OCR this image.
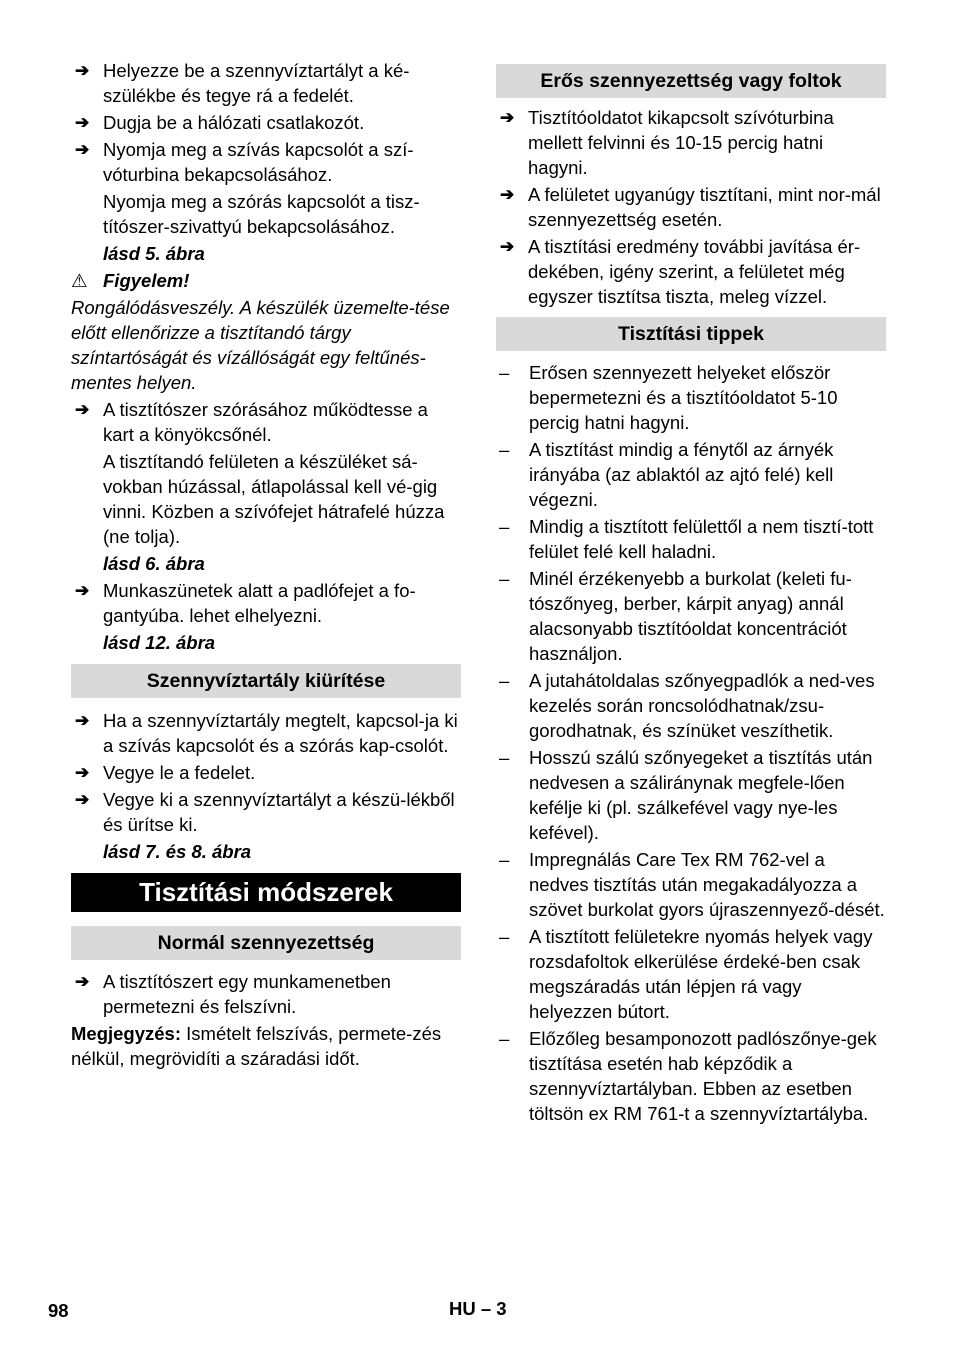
➔ Helyezze be a szennyvíztartályt a ké-szülékbe és tegye rá a fedelét.
➔ Dugja be a hálózati csatlakozót.
➔ Nyomja meg a szívás kapcsolót a szí-vóturbina bekapcsolásához.
Nyomja meg a szórás kapcsolót a tisz-títószer-szivattyú bekapcsolásához.
lásd 5. ábra
⚠ Figyelem!
Rongálódásveszély. A készülék üzemelte-tése előtt ellenőrizze a tisztítandó tárgy színtartóságát és vízállóságát egy feltűnés-mentes helyen.
➔ A tisztítószer szórásához működtesse a kart a könyökcsőnél.
A tisztítandó felületen a készüléket sá-vokban húzással, átlapolással kell vé-gig vinni. Közben a szívófejet hátrafelé húzza (ne tolja).
lásd 6. ábra
➔ Munkaszünetek alatt a padlófejet a fo-gantyúba. lehet elhelyezni.
lásd 12. ábra
Szennyvíztartály kiürítése
➔ Ha a szennyvíztartály megtelt, kapcsol-ja ki a szívás kapcsolót és a szórás kap-csolót.
➔ Vegye le a fedelet.
➔ Vegye ki a szennyvíztartályt a készü-lékből és ürítse ki.
lásd 7. és 8. ábra
Tisztítási módszerek
Normál szennyezettség
➔ A tisztítószert egy munkamenetben permetezni és felszívni.
Megjegyzés: Ismételt felszívás, permete-zés nélkül, megrövidíti a száradási időt.
Erős szennyezettség vagy foltok
➔ Tisztítóoldatot kikapcsolt szívóturbina mellett felvinni és 10-15 percig hatni hagyni.
➔ A felületet ugyanúgy tisztítani, mint nor-mál szennyezettség esetén.
➔ A tisztítási eredmény további javítása ér-dekében, igény szerint, a felületet még egyszer tisztítsa tiszta, meleg vízzel.
Tisztítási tippek
– Erősen szennyezett helyeket először bepermetezni és a tisztítóoldatot 5-10 percig hatni hagyni.
– A tisztítást mindig a fénytől az árnyék irányába (az ablaktól az ajtó felé) kell végezni.
– Mindig a tisztított felülettől a nem tisztí-tott felület felé kell haladni.
– Minél érzékenyebb a burkolat (keleti fu-tószőnyeg, berber, kárpit anyag) annál alacsonyabb tisztítóoldat koncentrációt használjon.
– A jutahátoldalas szőnyegpadlók a ned-ves kezelés során roncsolódhatnak/zsu-gorodhatnak, és színüket veszíthetik.
– Hosszú szálú szőnyegeket a tisztítás után nedvesen a száliránynak megfele-lően kefélje ki (pl. szálkefével vagy nye-les kefével).
– Impregnálás Care Tex RM 762-vel a nedves tisztítás után megakadályozza a szövet burkolat gyors újraszennyező-dését.
– A tisztított felületekre nyomás helyek vagy rozsdafoltok elkerülése érdeké-ben csak megszáradás után lépjen rá vagy helyezzen bútort.
– Előzőleg besamponozott padlószőnye-gek tisztítása esetén hab képződik a szennyvíztartályban. Ebben az esetben töltsön ex RM 761-t a szennyvíztartályba.
98	HU – 3
